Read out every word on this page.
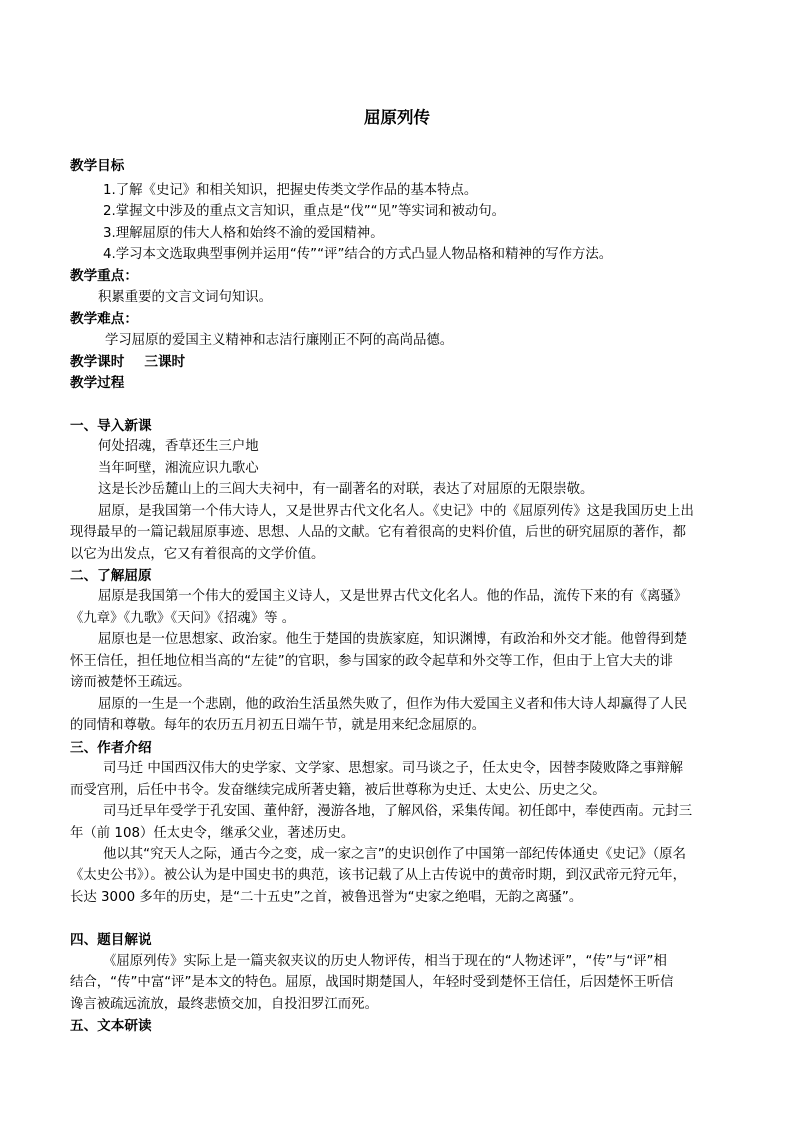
屈原列传
教学目标
1.了解《史记》和相关知识，把握史传类文学作品的基本特点。
2.掌握文中涉及的重点文言知识，重点是“伐”“见”等实词和被动句。
3.理解屈原的伟大人格和始终不渝的爱国精神。
4.学习本文选取典型事例并运用“传”“评”结合的方式凸显人物品格和精神的写作方法。
教学重点：
积累重要的文言文词句知识。
教学难点：
学习屈原的爱国主义精神和志洁行廉刚正不阿的高尚品德。
教学课时 三课时
教学过程
一、导入新课
何处招魂，香草还生三户地
当年呵壁，湘流应识九歌心
这是长沙岳麓山上的三闾大夫祠中，有一副著名的对联，表达了对屈原的无限崇敬。
屈原，是我国第一个伟大诗人，又是世界古代文化名人。《史记》中的《屈原列传》这是我国历史上出
现得最早的一篇记载屈原事迹、思想、人品的文献。它有着很高的史料价值，后世的研究屈原的著作，都
以它为出发点，它又有着很高的文学价值。
二、了解屈原
屈原是我国第一个伟大的爱国主义诗人，又是世界古代文化名人。他的作品，流传下来的有《离骚》
《九章》《九歌》《天问》《招魂》等 。
屈原也是一位思想家、政治家。他生于楚国的贵族家庭，知识渊博，有政治和外交才能。他曾得到楚
怀王信任，担任地位相当高的“左徒”的官职，参与国家的政令起草和外交等工作，但由于上官大夫的诽
谤而被楚怀王疏远。
屈原的一生是一个悲剧，他的政治生活虽然失败了，但作为伟大爱国主义者和伟大诗人却赢得了人民
的同情和尊敬。每年的农历五月初五日端午节，就是用来纪念屈原的。
三、作者介绍
司马迁 中国西汉伟大的史学家、文学家、思想家。司马谈之子，任太史令，因替李陵败降之事辩解
而受宫刑，后任中书令。发奋继续完成所著史籍，被后世尊称为史迁、太史公、历史之父。
司马迁早年受学于孔安国、董仲舒，漫游各地，了解风俗，采集传闻。初任郎中，奉使西南。元封三
年（前 108）任太史令，继承父业，著述历史。
他以其“究天人之际，通古今之变，成一家之言”的史识创作了中国第一部纪传体通史《史记》（原名
《太史公书》）。被公认为是中国史书的典范，该书记载了从上古传说中的黄帝时期，到汉武帝元狩元年，
长达 3000 多年的历史，是“二十五史”之首，被鲁迅誉为“史家之绝唱，无韵之离骚”。
四、题目解说
《屈原列传》实际上是一篇夹叙夹议的历史人物评传，相当于现在的“人物述评”，“传”与“评”相
结合，“传”中富“评”是本文的特色。屈原，战国时期楚国人，年轻时受到楚怀王信任，后因楚怀王听信
谗言被疏远流放，最终悲愤交加，自投汨罗江而死。
五、文本研读
